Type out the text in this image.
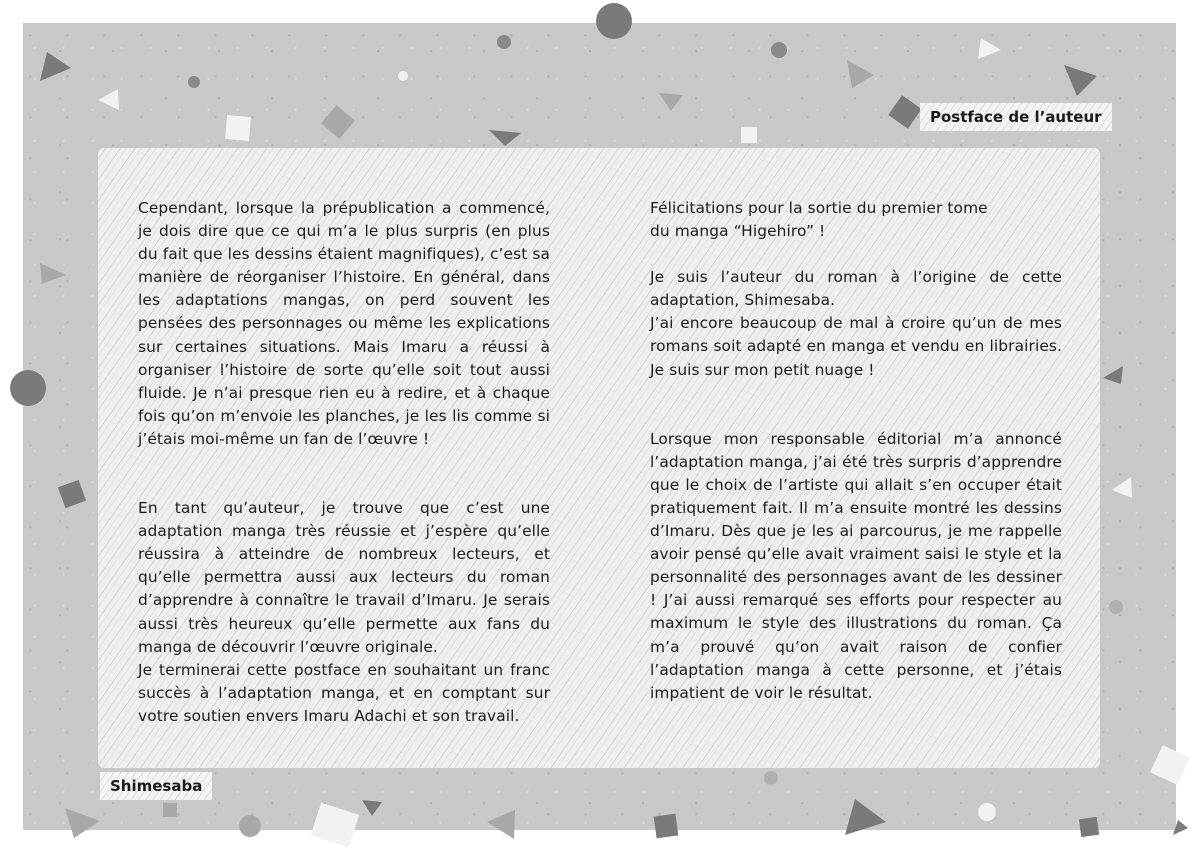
Postface de l’auteur

Cependant, lorsque la prépublication a commencé, je dois dire que ce qui m’a le plus surpris (en plus du fait que les dessins étaient magnifiques), c’est sa manière de réorganiser l’histoire. En général, dans les adaptations mangas, on perd souvent les pensées des personnages ou même les explications sur certaines situations. Mais Imaru a réussi à organiser l’histoire de sorte qu’elle soit tout aussi fluide. Je n’ai presque rien eu à redire, et à chaque fois qu’on m’envoie les planches, je les lis comme si j’étais moi-même un fan de l’œuvre !

En tant qu’auteur, je trouve que c’est une adaptation manga très réussie et j’espère qu’elle réussira à atteindre de nombreux lecteurs, et qu’elle permettra aussi aux lecteurs du roman d’apprendre à connaître le travail d’Imaru. Je serais aussi très heureux qu’elle permette aux fans du manga de découvrir l’œuvre originale.

Je terminerai cette postface en souhaitant un franc succès à l’adaptation manga, et en comptant sur votre soutien envers Imaru Adachi et son travail.

Félicitations pour la sortie du premier tome

du manga “Higehiro” !

Je suis l’auteur du roman à l’origine de cette adaptation, Shimesaba.

J’ai encore beaucoup de mal à croire qu’un de mes romans soit adapté en manga et vendu en librairies. Je suis sur mon petit nuage !

Lorsque mon responsable éditorial m’a annoncé l’adaptation manga, j’ai été très surpris d’apprendre que le choix de l’artiste qui allait s’en occuper était pratiquement fait. Il m’a ensuite montré les dessins d’Imaru. Dès que je les ai parcourus, je me rappelle avoir pensé qu’elle avait vraiment saisi le style et la personnalité des personnages avant de les dessiner ! J’ai aussi remarqué ses efforts pour respecter au maximum le style des illustrations du roman. Ça m’a prouvé qu’on avait raison de confier l’adaptation manga à cette personne, et j’étais impatient de voir le résultat.

Shimesaba
